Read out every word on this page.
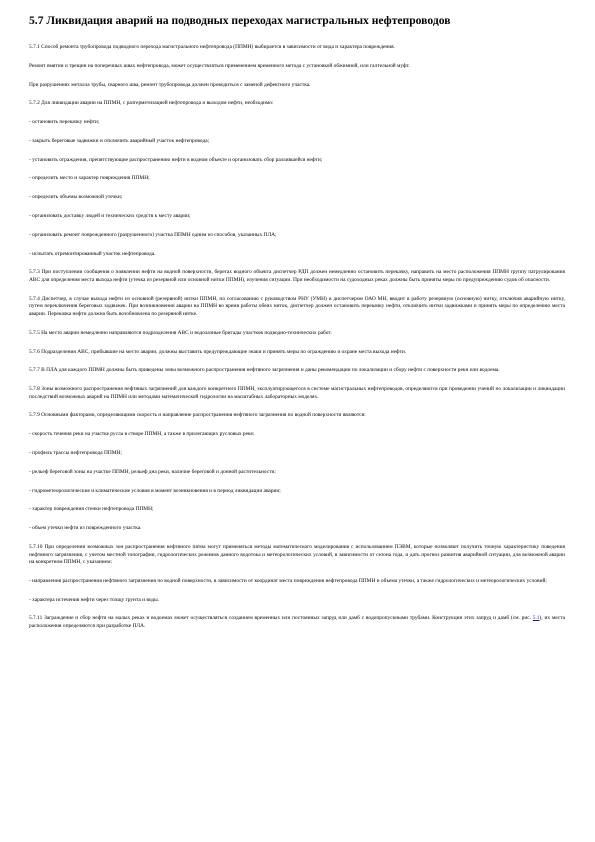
5.7 Ликвидация аварий на подводных переходах магистральных нефтепроводов

5.7.1 Способ ремонта трубопровода подводного перехода магистрального нефтепровода (ППМН) выбирается в зависимости от вида и характера повреждения.

Ремонт вмятин и трещин на поперечных швах нефтепровода, может осуществляться применением временного метода с установкой обжимной, или галтельной муфт.

При разрушениях металла трубы, сварного шва, ремонт трубопровода должен проводиться с заменой дефектного участка.

5.7.2 Для ликвидации аварии на ППМН, с разгерметизацией нефтепровода и выходом нефти, необходимо:

- остановить перекачку нефти;

- закрыть береговые задвижки и отключить аварийный участок нефтепровода;

- установить ограждения, препятствующие распространению нефти в водном объекте и организовать сбор разлившейся нефти;

- определить место и характер повреждения ППМН;

- определить объемы возможной утечки;

- организовать доставку людей и технических средств к месту аварии;

- организовать ремонт поврежденного (разрушенного) участка ППМН одним из способов, указанных ПЛА;

- испытать отремонтированный участок нефтепровода.

5.7.3 При поступлении сообщения о появлении нефти на водной поверхности, берегах водного объекта диспетчер РДП должен немедленно остановить перекачку, направить на место расположения ППМН группу патрулирования АВС для определения места выхода нефти (утечка из резервной или основной нитки ППМН), изучения ситуации. При необходимости на судоходных реках должны быть приняты меры по предупреждению судов об опасности.

5.7.4 Диспетчер, в случае выхода нефти из основной (резервной) нитки ППМН, по согласованию с руководством РНУ (УМН) и диспетчером ОАО МН, вводит в работу резервную (основную) нитку, отключив аварийную нитку, путем переключения береговых задвижек. При возникновении аварии на ППМН во время работы обеих ниток, диспетчер должен остановить перекачку нефти, отключить нитки задвижками и принять меры по определению места аварии. Перекачка нефти должна быть возобновлена по резервной нитке.

5.7.5 На место аварии немедленно направляются подразделения АВС и водолазные бригады участков подводно-технических работ.

5.7.6 Подразделения АВС, прибывшие на место аварии, должны выставить предупреждающие знаки и принять меры по ограждению и охране места выхода нефти.

5.7.7 В ПЛА для каждого ППМН должны быть приведены зоны возможного распространения нефтяного загрязнения и даны рекомендации по локализации и сбору нефти с поверхности реки или водоема.

5.7.8 Зоны возможного распространения нефтяных загрязнений для каждого конкретного ППМН, эксплуатирующегося в системе магистральных нефтепроводов, определяются при проведении учений по локализации и ликвидации последствий возможных аварий на ППМН или методами математической гидрологии на масштабных лабораторных моделях.

5.7.9 Основными факторами, определяющими скорость и направление распространения нефтяного загрязнения по водной поверхности являются:

- скорость течения реки на участке русла в створе ППМН, а также в прилегающих русловых реке;

- профиль трассы нефтепровода ППМН;

- рельеф береговой зоны на участке ППМН, рельеф дна реки, наличие береговой и донной растительности;

- гидрометеорологические и климатические условия в момент возникновения и в период ликвидации аварии;

- характер повреждения стенки нефтепровода ППМН;

- объем утечки нефти из поврежденного участка.

5.7.10 При определении возможных зон распространения нефтяного пятна могут применяться методы математического моделирования с использованием ПЭВМ, которые позволяют получить точную характеристику поведения нефтяного загрязнения, с учетом местной топографии, гидрологических режимов данного водотока и метеорологических условий, в зависимости от сезона года, и дать прогноз развития аварийной ситуации, для возможной аварии на конкретном ППМН, с указанием:

- направления распространения нефтяного загрязнения по водной поверхности, в зависимости от координат места повреждения нефтепровода ППМН и объема утечки, а также гидрологических и метеорологических условий;

- характера истечения нефти через толщу грунта и воды.

5.7.11 Заграждение и сбор нефти на малых реках и водоемах может осуществляться созданием временных или постоянных запруд или дамб с водопропускными трубами. Конструкции этих запруд и дамб (см. рис. 5.1), их места расположения определяются при разработке ПЛА.
